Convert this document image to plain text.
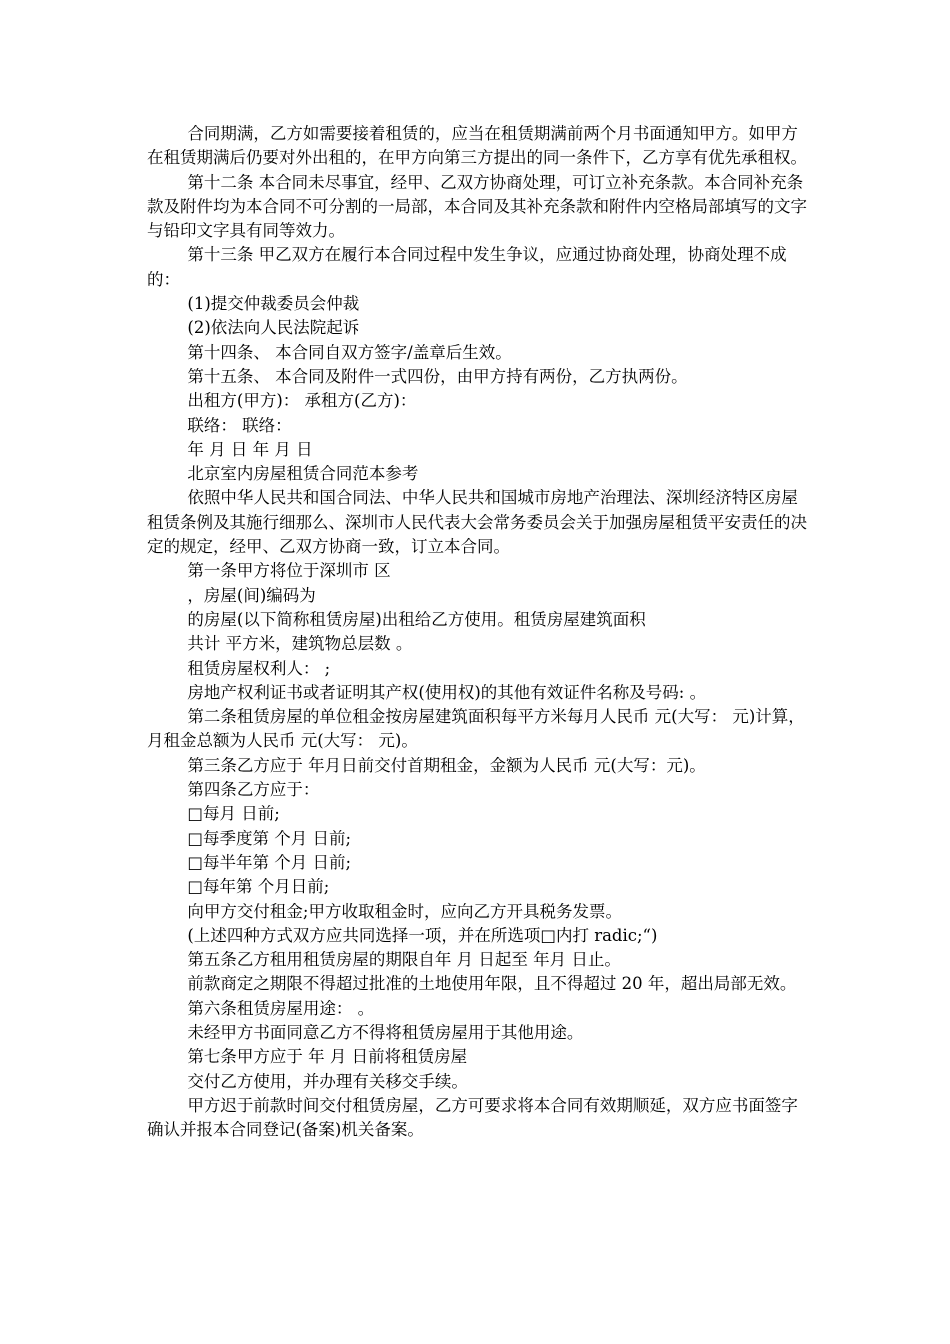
合同期满，乙方如需要接着租赁的，应当在租赁期满前两个月书面通知甲方。如甲方在租赁期满后仍要对外出租的，在甲方向第三方提出的同一条件下，乙方享有优先承租权。

第十二条 本合同未尽事宜，经甲、乙双方协商处理，可订立补充条款。本合同补充条款及附件均为本合同不可分割的一局部，本合同及其补充条款和附件内空格局部填写的文字与铅印文字具有同等效力。

第十三条 甲乙双方在履行本合同过程中发生争议，应通过协商处理，协商处理不成的：

(1)提交仲裁委员会仲裁

(2)依法向人民法院起诉

第十四条、 本合同自双方签字/盖章后生效。

第十五条、 本合同及附件一式四份，由甲方持有两份，乙方执两份。

出租方(甲方)： 承租方(乙方)：

联络： 联络：

年 月 日 年 月 日

北京室内房屋租赁合同范本参考

依照中华人民共和国合同法、中华人民共和国城市房地产治理法、深圳经济特区房屋租赁条例及其施行细那么、深圳市人民代表大会常务委员会关于加强房屋租赁平安责任的决定的规定，经甲、乙双方协商一致，订立本合同。

第一条甲方将位于深圳市 区

，房屋(间)编码为

的房屋(以下简称租赁房屋)出租给乙方使用。租赁房屋建筑面积

共计 平方米，建筑物总层数 。

租赁房屋权利人： ;

房地产权利证书或者证明其产权(使用权)的其他有效证件名称及号码: 。

第二条租赁房屋的单位租金按房屋建筑面积每平方米每月人民币 元(大写： 元)计算，月租金总额为人民币 元(大写： 元)。

第三条乙方应于 年月日前交付首期租金，金额为人民币 元(大写：元)。

第四条乙方应于：

□每月 日前;

□每季度第 个月 日前;

□每半年第 个月 日前;

□每年第 个月日前;

向甲方交付租金;甲方收取租金时，应向乙方开具税务发票。

(上述四种方式双方应共同选择一项，并在所选项□内打 radic;“)

第五条乙方租用租赁房屋的期限自年 月 日起至 年月 日止。

前款商定之期限不得超过批准的土地使用年限，且不得超过 20 年，超出局部无效。

第六条租赁房屋用途： 。

未经甲方书面同意乙方不得将租赁房屋用于其他用途。

第七条甲方应于 年 月 日前将租赁房屋

交付乙方使用，并办理有关移交手续。

甲方迟于前款时间交付租赁房屋，乙方可要求将本合同有效期顺延，双方应书面签字确认并报本合同登记(备案)机关备案。
